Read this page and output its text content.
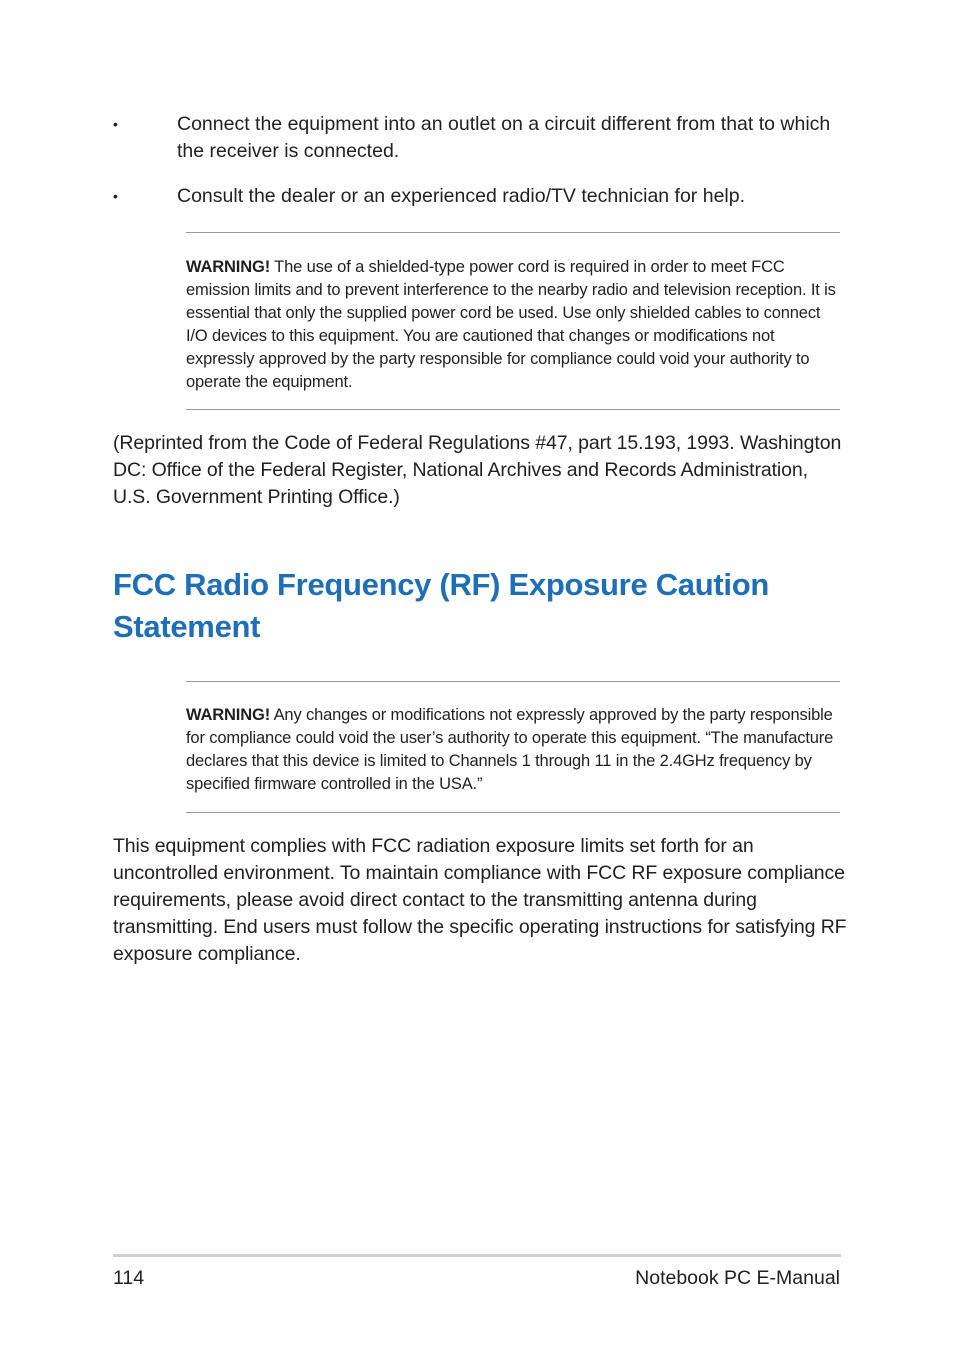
•	Connect the equipment into an outlet on a circuit different from that to which the receiver is connected.
•	Consult the dealer or an experienced radio/TV technician for help.
WARNING! The use of a shielded-type power cord is required in order to meet FCC emission limits and to prevent interference to the nearby radio and television reception. It is essential that only the supplied power cord be used. Use only shielded cables to connect I/O devices to this equipment. You are cautioned that changes or modifications not expressly approved by the party responsible for compliance could void your authority to operate the equipment.
(Reprinted from the Code of Federal Regulations #47, part 15.193, 1993. Washington DC: Office of the Federal Register, National Archives and Records Administration, U.S. Government Printing Office.)
FCC Radio Frequency (RF) Exposure Caution Statement
WARNING! Any changes or modifications not expressly approved by the party responsible for compliance could void the user’s authority to operate this equipment. “The manufacture declares that this device is limited to Channels 1 through 11 in the 2.4GHz frequency by specified firmware controlled in the USA.”
This equipment complies with FCC radiation exposure limits set forth for an uncontrolled environment. To maintain compliance with FCC RF exposure compliance requirements, please avoid direct contact to the transmitting antenna during transmitting. End users must follow the specific operating instructions for satisfying RF exposure compliance.
114	Notebook PC E-Manual
